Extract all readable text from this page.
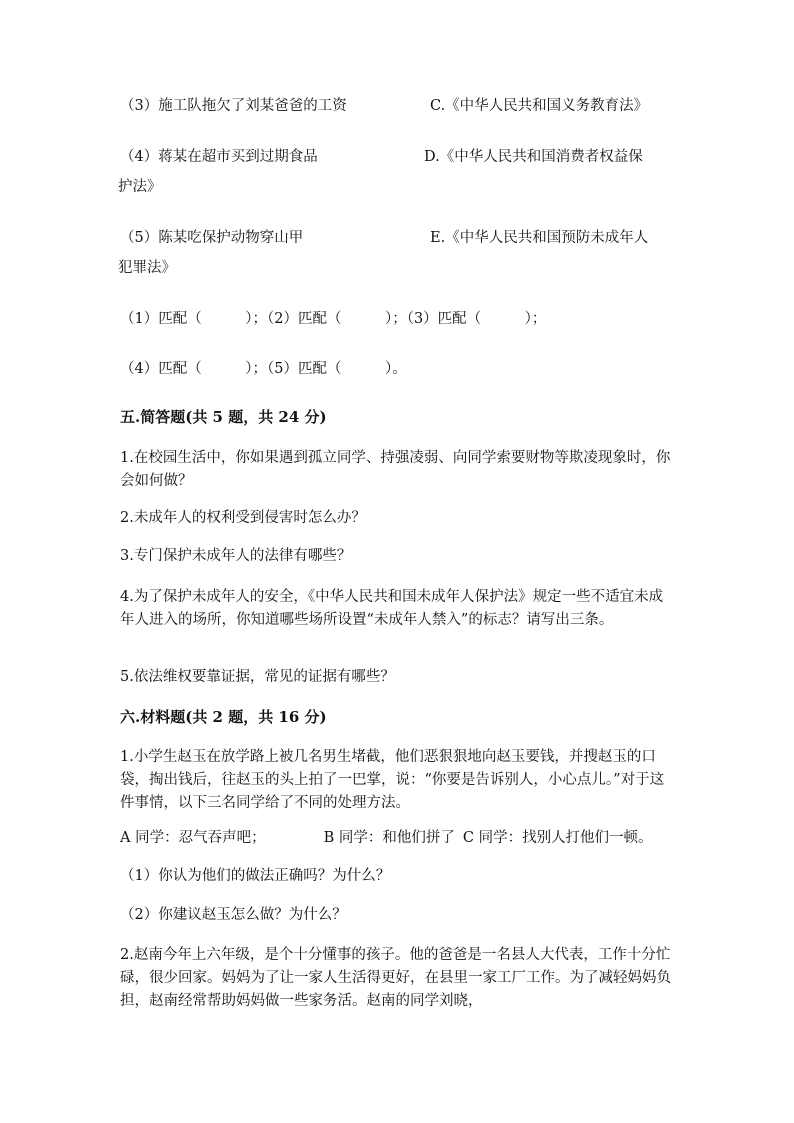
（3）施工队拖欠了刘某爸爸的工资	C.《中华人民共和国义务教育法》
（4）蒋某在超市买到过期食品	D.《中华人民共和国消费者权益保
护法》
（5）陈某吃保护动物穿山甲	E.《中华人民共和国预防未成年人
犯罪法》
（1）匹配（　　　）；（2）匹配（　　　）；（3）匹配（　　　）；
（4）匹配（　　　）；（5）匹配（　　　）。
五.简答题(共 5 题，共 24 分)
1.在校园生活中，你如果遇到孤立同学、持强凌弱、向同学索要财物等欺凌现象时，你会如何做？
2.未成年人的权利受到侵害时怎么办？
3.专门保护未成年人的法律有哪些？
4.为了保护未成年人的安全，《中华人民共和国未成年人保护法》规定一些不适宜未成年人进入的场所，你知道哪些场所设置“未成年人禁入”的标志？请写出三条。
5.依法维权要靠证据，常见的证据有哪些？
六.材料题(共 2 题，共 16 分)
1.小学生赵玉在放学路上被几名男生堵截，他们恶狠狠地向赵玉要钱，并搜赵玉的口袋，掏出钱后，往赵玉的头上拍了一巴掌，说：“你要是告诉别人，小心点儿。”对于这件事情，以下三名同学给了不同的处理方法。
A 同学：忍气吞声吧；	B 同学：和他们拼了 C 同学：找别人打他们一顿。
（1）你认为他们的做法正确吗？为什么？
（2）你建议赵玉怎么做？为什么？
2.赵南今年上六年级，是个十分懂事的孩子。他的爸爸是一名县人大代表，工作十分忙碌，很少回家。妈妈为了让一家人生活得更好，在县里一家工厂工作。为了减轻妈妈负担，赵南经常帮助妈妈做一些家务活。赵南的同学刘晓，
